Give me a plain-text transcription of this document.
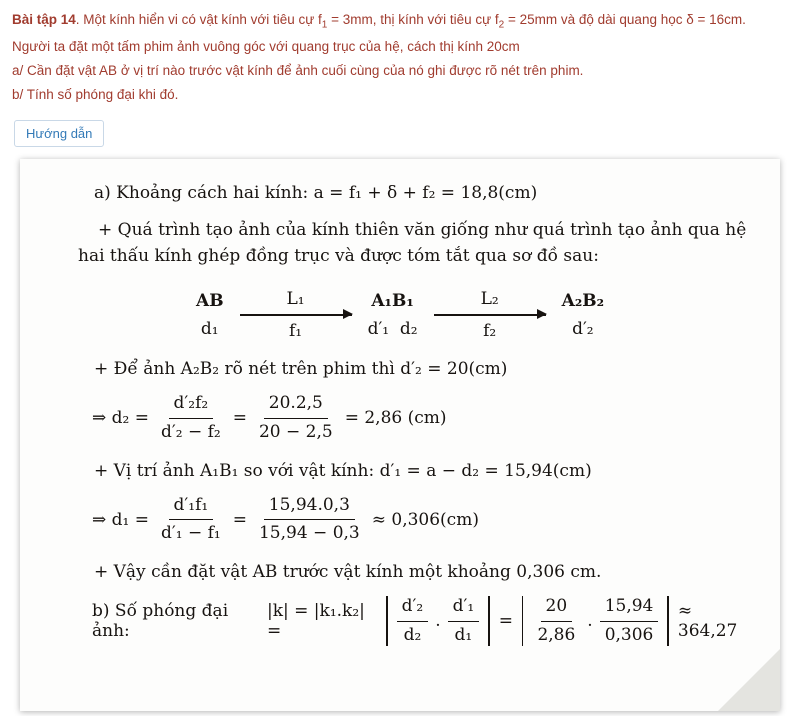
Bài tập 14. Một kính hiển vi có vật kính với tiêu cự $f_1 = 3mm$, thị kính với tiêu cự $f_2 = 25mm$ và độ dài quang học δ = 16cm. Người ta đặt một tấm phim ảnh vuông góc với quang trục của hệ, cách thị kính 20cm
a/ Cần đặt vật AB ở vị trí nào trước vật kính để ảnh cuối cùng của nó ghi được rõ nét trên phim.
b/ Tính số phóng đại khi đó.
Hướng dẫn
a) Khoảng cách hai kính: a = f₁ + δ + f₂ = 18,8(cm)
+ Quá trình tạo ảnh của kính thiên văn giống như quá trình tạo ảnh qua hệ hai thấu kính ghép đồng trục và được tóm tắt qua sơ đồ sau:
AB
d₁
L₁
f₁
A₁B₁
d′₁  d₂
L₂
f₂
A₂B₂
d′₂
+ Để ảnh A₂B₂ rõ nét trên phim thì d′₂ = 20(cm)
⇒ $d_2 = \frac{\text{d′₂f₂}}{\text{d′₂ − f₂}} = \frac{20.2,5}{20 - 2,5} = 2,86$ (cm)
+ Vị trí ảnh A₁B₁ so với vật kính: d′₁ = a − d₂ = 15,94(cm)
⇒ $d_1 = \frac{\text{d′₁f₁}}{\text{d′₁ − f₁}} = \frac{15,94.0,3}{15,94 - 0,3} \approx 0,306(cm)$
+ Vậy cần đặt vật AB trước vật kính một khoảng 0,306 cm.
b) Số phóng đại ảnh:
|k| = |k₁.k₂| =	$\frac{\text{d′₂}}{\text{d₂}}$ . $\frac{\text{d′₁}}{\text{d₁}} = \frac{20}{2,86}$ . $\frac{15,94}{0,306} \approx 364,27$
